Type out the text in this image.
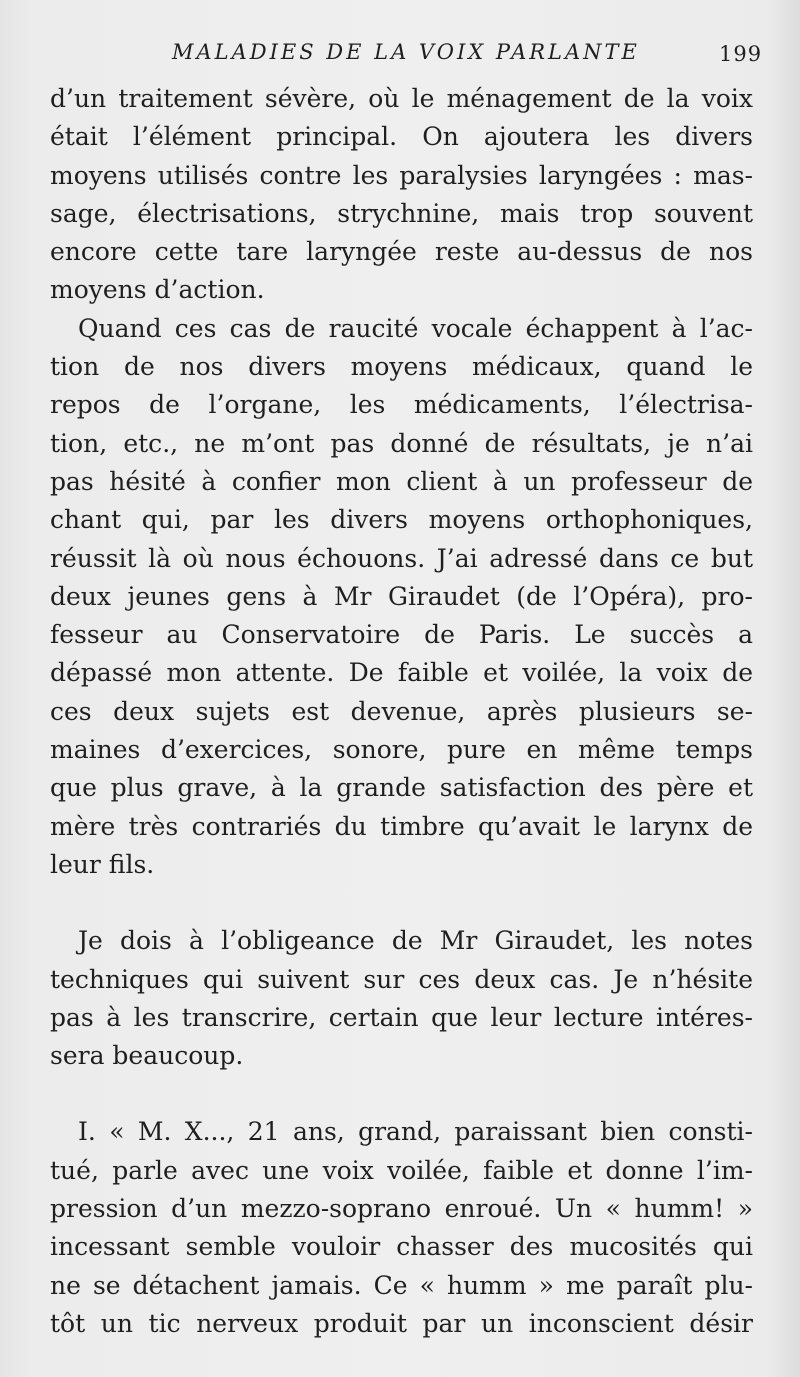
MALADIES DE LA VOIX PARLANTE	199
d’un traitement sévère, où le ménagement de la voix
était l’élément principal. On ajoutera les divers
moyens utilisés contre les paralysies laryngées : mas-
sage, électrisations, strychnine, mais trop souvent
encore cette tare laryngée reste au-dessus de nos
moyens d’action.
Quand ces cas de raucité vocale échappent à l’ac-
tion de nos divers moyens médicaux, quand le
repos de l’organe, les médicaments, l’électrisa-
tion, etc., ne m’ont pas donné de résultats, je n’ai
pas hésité à confier mon client à un professeur de
chant qui, par les divers moyens orthophoniques,
réussit là où nous échouons. J’ai adressé dans ce but
deux jeunes gens à Mr Giraudet (de l’Opéra), pro-
fesseur au Conservatoire de Paris. Le succès a
dépassé mon attente. De faible et voilée, la voix de
ces deux sujets est devenue, après plusieurs se-
maines d’exercices, sonore, pure en même temps
que plus grave, à la grande satisfaction des père et
mère très contrariés du timbre qu’avait le larynx de
leur fils.
Je dois à l’obligeance de Mr Giraudet, les notes
techniques qui suivent sur ces deux cas. Je n’hésite
pas à les transcrire, certain que leur lecture intéres-
sera beaucoup.
I. « M. X..., 21 ans, grand, paraissant bien consti-
tué, parle avec une voix voilée, faible et donne l’im-
pression d’un mezzo-soprano enroué. Un « humm! »
incessant semble vouloir chasser des mucosités qui
ne se détachent jamais. Ce « humm » me paraît plu-
tôt un tic nerveux produit par un inconscient désir
